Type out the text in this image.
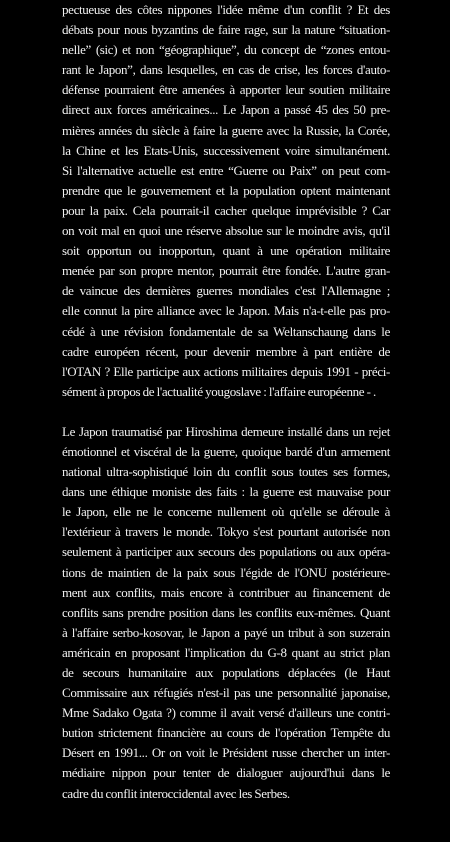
pectueuse des côtes nippones l'idée même d'un conflit ? Et des
débats pour nous byzantins de faire rage, sur la nature “situation-
nelle” (sic) et non “géographique”, du concept de “zones entou-
rant le Japon”, dans lesquelles, en cas de crise, les forces d'auto-
défense pourraient être amenées à apporter leur soutien militaire
direct aux forces américaines... Le Japon a passé 45 des 50 pre-
mières années du siècle à faire la guerre avec la Russie, la Corée,
la Chine et les Etats-Unis, successivement voire simultanément.
Si l'alternative actuelle est entre “Guerre ou Paix” on peut com-
prendre que le gouvernement et la population optent maintenant
pour la paix. Cela pourrait-il cacher quelque imprévisible ? Car
on voit mal en quoi une réserve absolue sur le moindre avis, qu'il
soit opportun ou inopportun, quant à une opération militaire
menée par son propre mentor, pourrait être fondée. L'autre gran-
de vaincue des dernières guerres mondiales c'est l'Allemagne ;
elle connut la pire alliance avec le Japon. Mais n'a-t-elle pas pro-
cédé à une révision fondamentale de sa Weltanschaung dans le
cadre européen récent, pour devenir membre à part entière de
l'OTAN ? Elle participe aux actions militaires depuis 1991 - préci-
sément à propos de l'actualité yougoslave : l'affaire européenne - .
Le Japon traumatisé par Hiroshima demeure installé dans un rejet
émotionnel et viscéral de la guerre, quoique bardé d'un armement
national ultra-sophistiqué loin du conflit sous toutes ses formes,
dans une éthique moniste des faits : la guerre est mauvaise pour
le Japon, elle ne le concerne nullement où qu'elle se déroule à
l'extérieur à travers le monde. Tokyo s'est pourtant autorisée non
seulement à participer aux secours des populations ou aux opéra-
tions de maintien de la paix sous l'égide de l'ONU postérieure-
ment aux conflits, mais encore à contribuer au financement de
conflits sans prendre position dans les conflits eux-mêmes. Quant
à l'affaire serbo-kosovar, le Japon a payé un tribut à son suzerain
américain en proposant l'implication du G-8 quant au strict plan
de secours humanitaire aux populations déplacées (le Haut
Commissaire aux réfugiés n'est-il pas une personnalité japonaise,
Mme Sadako Ogata ?) comme il avait versé d'ailleurs une contri-
bution strictement financière au cours de l'opération Tempête du
Désert en 1991... Or on voit le Président russe chercher un inter-
médiaire nippon pour tenter de dialoguer aujourd'hui dans le
cadre du conflit interoccidental avec les Serbes.
